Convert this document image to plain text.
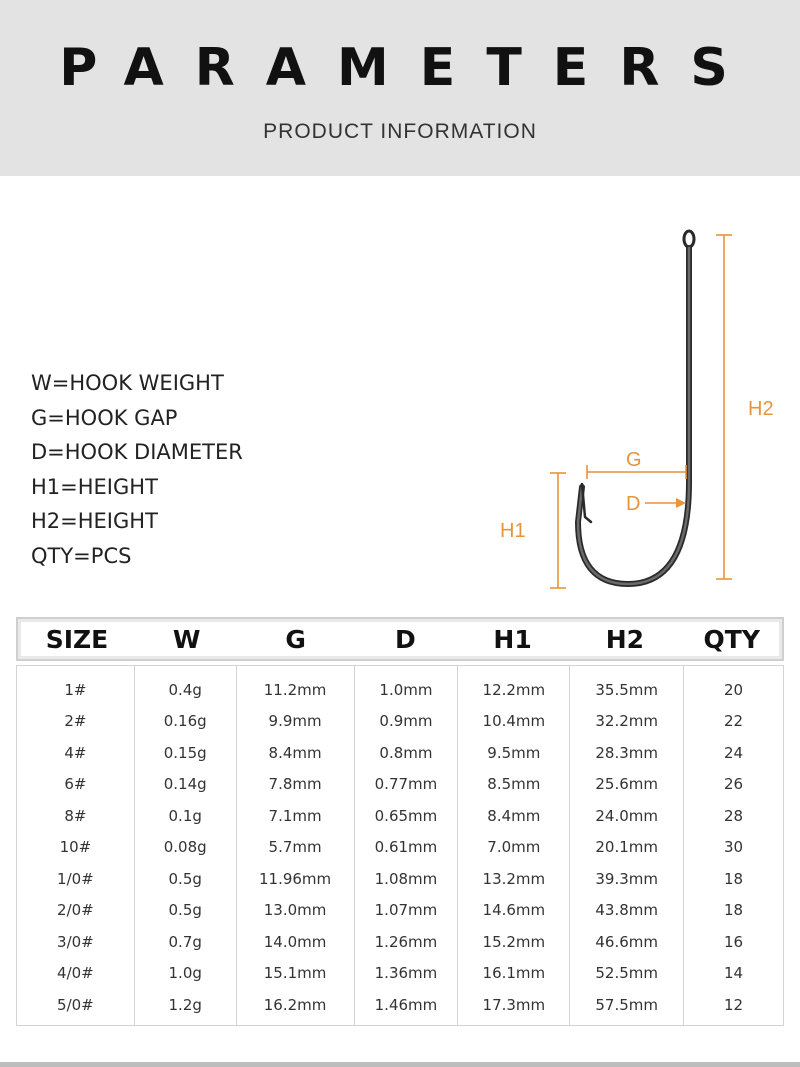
PARAMETERS
PRODUCT INFORMATION
W=HOOK WEIGHT
G=HOOK GAP
D=HOOK DIAMETER
H1=HEIGHT
H2=HEIGHT
QTY=PCS
H2
H1
G
D
SIZE	W	G	D	H1	H2	QTY
1#	0.4g	11.2mm	1.0mm	12.2mm	35.5mm	20
2#	0.16g	9.9mm	0.9mm	10.4mm	32.2mm	22
4#	0.15g	8.4mm	0.8mm	9.5mm	28.3mm	24
6#	0.14g	7.8mm	0.77mm	8.5mm	25.6mm	26
8#	0.1g	7.1mm	0.65mm	8.4mm	24.0mm	28
10#	0.08g	5.7mm	0.61mm	7.0mm	20.1mm	30
1/0#	0.5g	11.96mm	1.08mm	13.2mm	39.3mm	18
2/0#	0.5g	13.0mm	1.07mm	14.6mm	43.8mm	18
3/0#	0.7g	14.0mm	1.26mm	15.2mm	46.6mm	16
4/0#	1.0g	15.1mm	1.36mm	16.1mm	52.5mm	14
5/0#	1.2g	16.2mm	1.46mm	17.3mm	57.5mm	12
